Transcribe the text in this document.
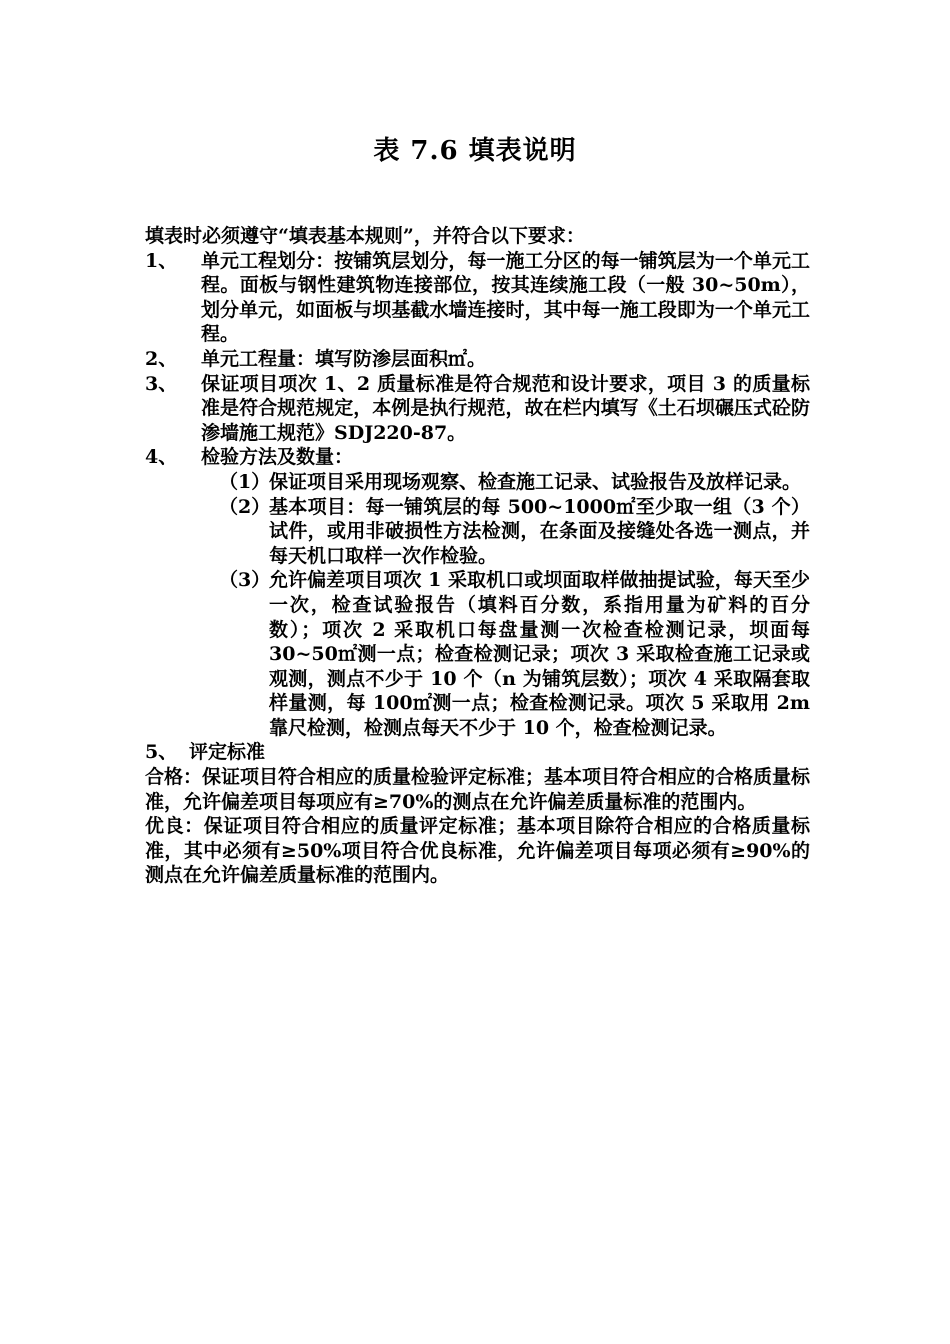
表 7.6 填表说明

填表时必须遵守“填表基本规则”，并符合以下要求：

1、 单元工程划分：按铺筑层划分，每一施工分区的每一铺筑层为一个单元工程。面板与钢性建筑物连接部位，按其连续施工段（一般 30~50m），划分单元，如面板与坝基截水墙连接时，其中每一施工段即为一个单元工程。
2、 单元工程量：填写防渗层面积㎡。
3、 保证项目项次 1、2 质量标准是符合规范和设计要求，项目 3 的质量标准是符合规范规定，本例是执行规范，故在栏内填写《土石坝碾压式砼防渗墙施工规范》SDJ220-87。
4、 检验方法及数量：
（1）
保证项目采用现场观察、检查施工记录、试验报告及放样记录。
（2）
基本项目：每一铺筑层的每 500~1000㎡至少取一组（3 个）试件，或用非破损性方法检测，在条面及接缝处各选一测点，并每天机口取样一次作检验。
（3）
允许偏差项目项次 1 采取机口或坝面取样做抽提试验，每天至少一次，检查试验报告（填料百分数，系指用量为矿料的百分数）；项次 2 采取机口每盘量测一次检查检测记录，坝面每 30~50㎡测一点；检查检测记录；项次 3 采取检查施工记录或观测，测点不少于 10 个（n 为铺筑层数）；项次 4 采取隔套取样量测，每 100㎡测一点；检查检测记录。项次 5 采取用 2m 靠尺检测，检测点每天不少于 10 个，检查检测记录。
5、 评定标准

合格：保证项目符合相应的质量检验评定标准；基本项目符合相应的合格质量标准，允许偏差项目每项应有≥70%的测点在允许偏差质量标准的范围内。

优良：保证项目符合相应的质量评定标准；基本项目除符合相应的合格质量标准，其中必须有≥50%项目符合优良标准，允许偏差项目每项必须有≥90%的测点在允许偏差质量标准的范围内。
